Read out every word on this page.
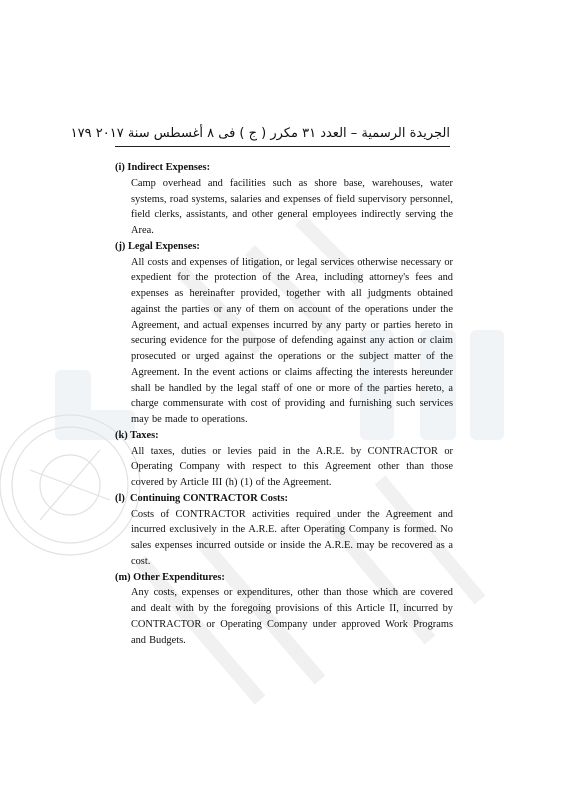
الجريدة الرسمية – العدد ٣١ مكرر ( ج ) فى ٨ أغسطس سنة ٢٠١٧ ١٧٩

(i) Indirect Expenses:

Camp overhead and facilities such as shore base, warehouses, water systems, road systems, salaries and expenses of field supervisory personnel, field clerks, assistants, and other general employees indirectly serving the Area.

(j) Legal Expenses:

All costs and expenses of litigation, or legal services otherwise necessary or expedient for the protection of the Area, including attorney's fees and expenses as hereinafter provided, together with all judgments obtained against the parties or any of them on account of the operations under the Agreement, and actual expenses incurred by any party or parties hereto in securing evidence for the purpose of defending against any action or claim prosecuted or urged against the operations or the subject matter of the Agreement. In the event actions or claims affecting the interests hereunder shall be handled by the legal staff of one or more of the parties hereto, a charge commensurate with cost of providing and furnishing such services may be made to operations.

(k) Taxes:

All taxes, duties or levies paid in the A.R.E. by CONTRACTOR or Operating Company with respect to this Agreement other than those covered by Article III (h) (1) of the Agreement.

(l)  Continuing CONTRACTOR Costs:

Costs of CONTRACTOR activities required under the Agreement and incurred exclusively in the A.R.E. after Operating Company is formed. No sales expenses incurred outside or inside the A.R.E. may be recovered as a cost.

(m) Other Expenditures:

Any costs, expenses or expenditures, other than those which are covered and dealt with by the foregoing provisions of this Article II, incurred by CONTRACTOR or Operating Company under approved Work Programs and Budgets.
